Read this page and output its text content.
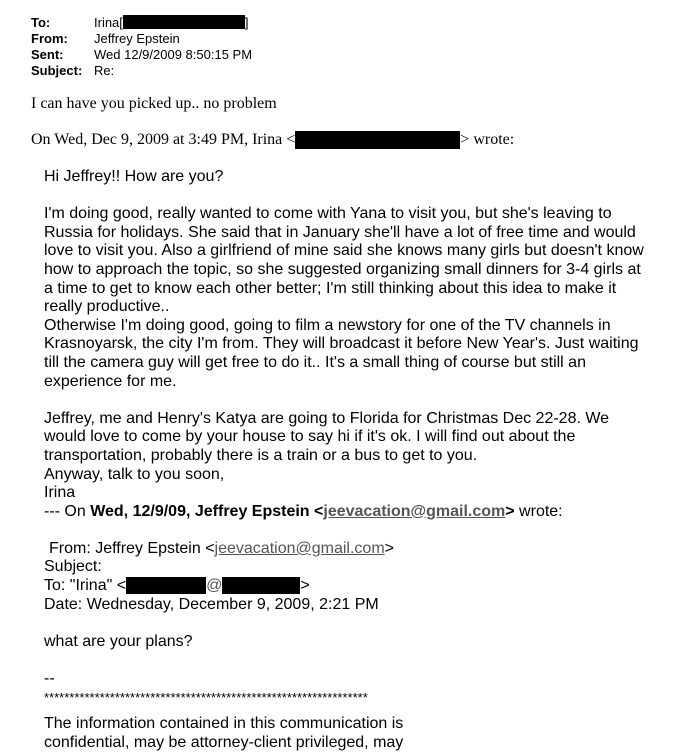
To:	Irina[	]
From:	Jeffrey Epstein
Sent:	Wed 12/9/2009 8:50:15 PM
Subject: Re:
I can have you picked up.. no problem
On Wed, Dec 9, 2009 at 3:49 PM, Irina <	> wrote:

Hi Jeffrey!! How are you?

I'm doing good, really wanted to come with Yana to visit you, but she's leaving to

Russia for holidays. She said that in January she'll have a lot of free time and would

love to visit you. Also a girlfriend of mine said she knows many girls but doesn't know

how to approach the topic, so she suggested organizing small dinners for 3-4 girls at

a time to get to know each other better; I'm still thinking about this idea to make it

really productive..

Otherwise I'm doing good, going to film a newstory for one of the TV channels in

Krasnoyarsk, the city I'm from. They will broadcast it before New Year's. Just waiting

till the camera guy will get free to do it.. It's a small thing of course but still an

experience for me.

Jeffrey, me and Henry's Katya are going to Florida for Christmas Dec 22-28. We

would love to come by your house to say hi if it's ok. I will find out about the

transportation, probably there is a train or a bus to get to you.

Anyway, talk to you soon,

Irina

--- On Wed, 12/9/09, Jeffrey Epstein <jeevacation@gmail.com> wrote:

From: Jeffrey Epstein <jeevacation@gmail.com>

Subject:

To: "Irina" <	@	>

Date: Wednesday, December 9, 2009, 2:21 PM

what are your plans?

--

****************************************************************

The information contained in this communication is

confidential, may be attorney-client privileged, may
